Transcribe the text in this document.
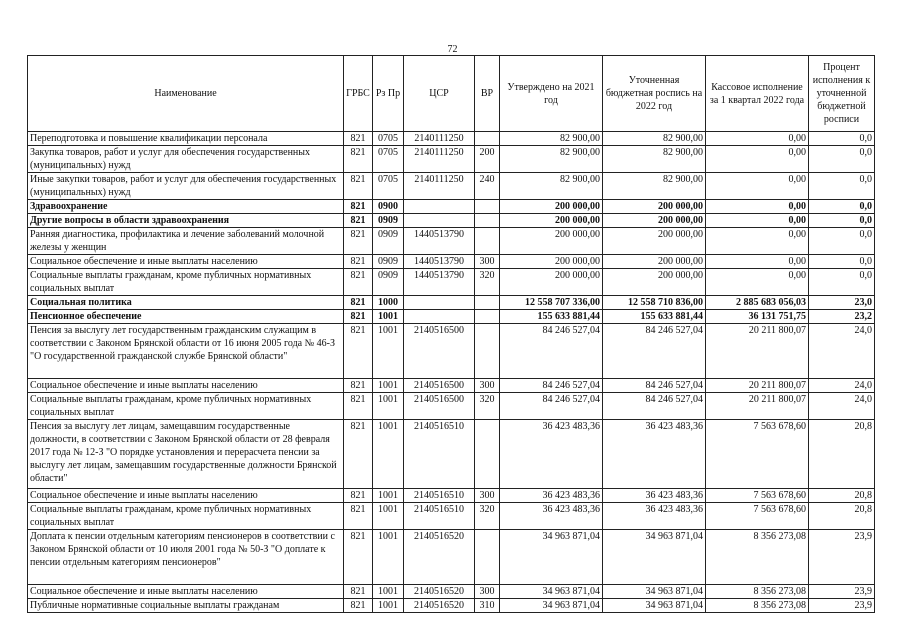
72
Наименование	ГРБС	Рз Пр	ЦСР	ВР	Утверждено на 2021 год	Уточненная бюджетная роспись на 2022 год	Кассовое исполнение за 1 квартал 2022 года	Процент исполнения к уточненной бюджетной росписи
Переподготовка и повышение квалификации персонала	821	0705	2140111250		82 900,00	82 900,00	0,00	0,0
Закупка товаров, работ и услуг для обеспечения государственных (муниципальных) нужд	821	0705	2140111250	200	82 900,00	82 900,00	0,00	0,0
Иные закупки товаров, работ и услуг для обеспечения государственных (муниципальных) нужд	821	0705	2140111250	240	82 900,00	82 900,00	0,00	0,0
Здравоохранение	821	0900			200 000,00	200 000,00	0,00	0,0
Другие вопросы в области здравоохранения	821	0909			200 000,00	200 000,00	0,00	0,0
Ранняя диагностика, профилактика и лечение заболеваний молочной железы у женщин	821	0909	1440513790		200 000,00	200 000,00	0,00	0,0
Социальное обеспечение и иные выплаты населению	821	0909	1440513790	300	200 000,00	200 000,00	0,00	0,0
Социальные выплаты гражданам, кроме публичных нормативных социальных выплат	821	0909	1440513790	320	200 000,00	200 000,00	0,00	0,0
Социальная политика	821	1000			12 558 707 336,00	12 558 710 836,00	2 885 683 056,03	23,0
Пенсионное обеспечение	821	1001			155 633 881,44	155 633 881,44	36 131 751,75	23,2
Пенсия за выслугу лет государственным гражданским служащим в соответствии с Законом Брянской области от 16 июня 2005 года № 46-З "О государственной гражданской службе Брянской области"	821	1001	2140516500		84 246 527,04	84 246 527,04	20 211 800,07	24,0
Социальное обеспечение и иные выплаты населению	821	1001	2140516500	300	84 246 527,04	84 246 527,04	20 211 800,07	24,0
Социальные выплаты гражданам, кроме публичных нормативных социальных выплат	821	1001	2140516500	320	84 246 527,04	84 246 527,04	20 211 800,07	24,0
Пенсия за выслугу лет лицам, замещавшим государственные должности, в соответствии с Законом Брянской области от 28 февраля 2017 года № 12-З "О порядке установления и перерасчета пенсии за выслугу лет лицам, замещавшим государственные должности Брянской области"	821	1001	2140516510		36 423 483,36	36 423 483,36	7 563 678,60	20,8
Социальное обеспечение и иные выплаты населению	821	1001	2140516510	300	36 423 483,36	36 423 483,36	7 563 678,60	20,8
Социальные выплаты гражданам, кроме публичных нормативных социальных выплат	821	1001	2140516510	320	36 423 483,36	36 423 483,36	7 563 678,60	20,8
Доплата к пенсии отдельным категориям пенсионеров в соответствии с Законом Брянской области от 10 июля 2001 года № 50-З "О доплате к пенсии отдельным категориям пенсионеров"	821	1001	2140516520		34 963 871,04	34 963 871,04	8 356 273,08	23,9
Социальное обеспечение и иные выплаты населению	821	1001	2140516520	300	34 963 871,04	34 963 871,04	8 356 273,08	23,9
Публичные нормативные социальные выплаты гражданам	821	1001	2140516520	310	34 963 871,04	34 963 871,04	8 356 273,08	23,9
